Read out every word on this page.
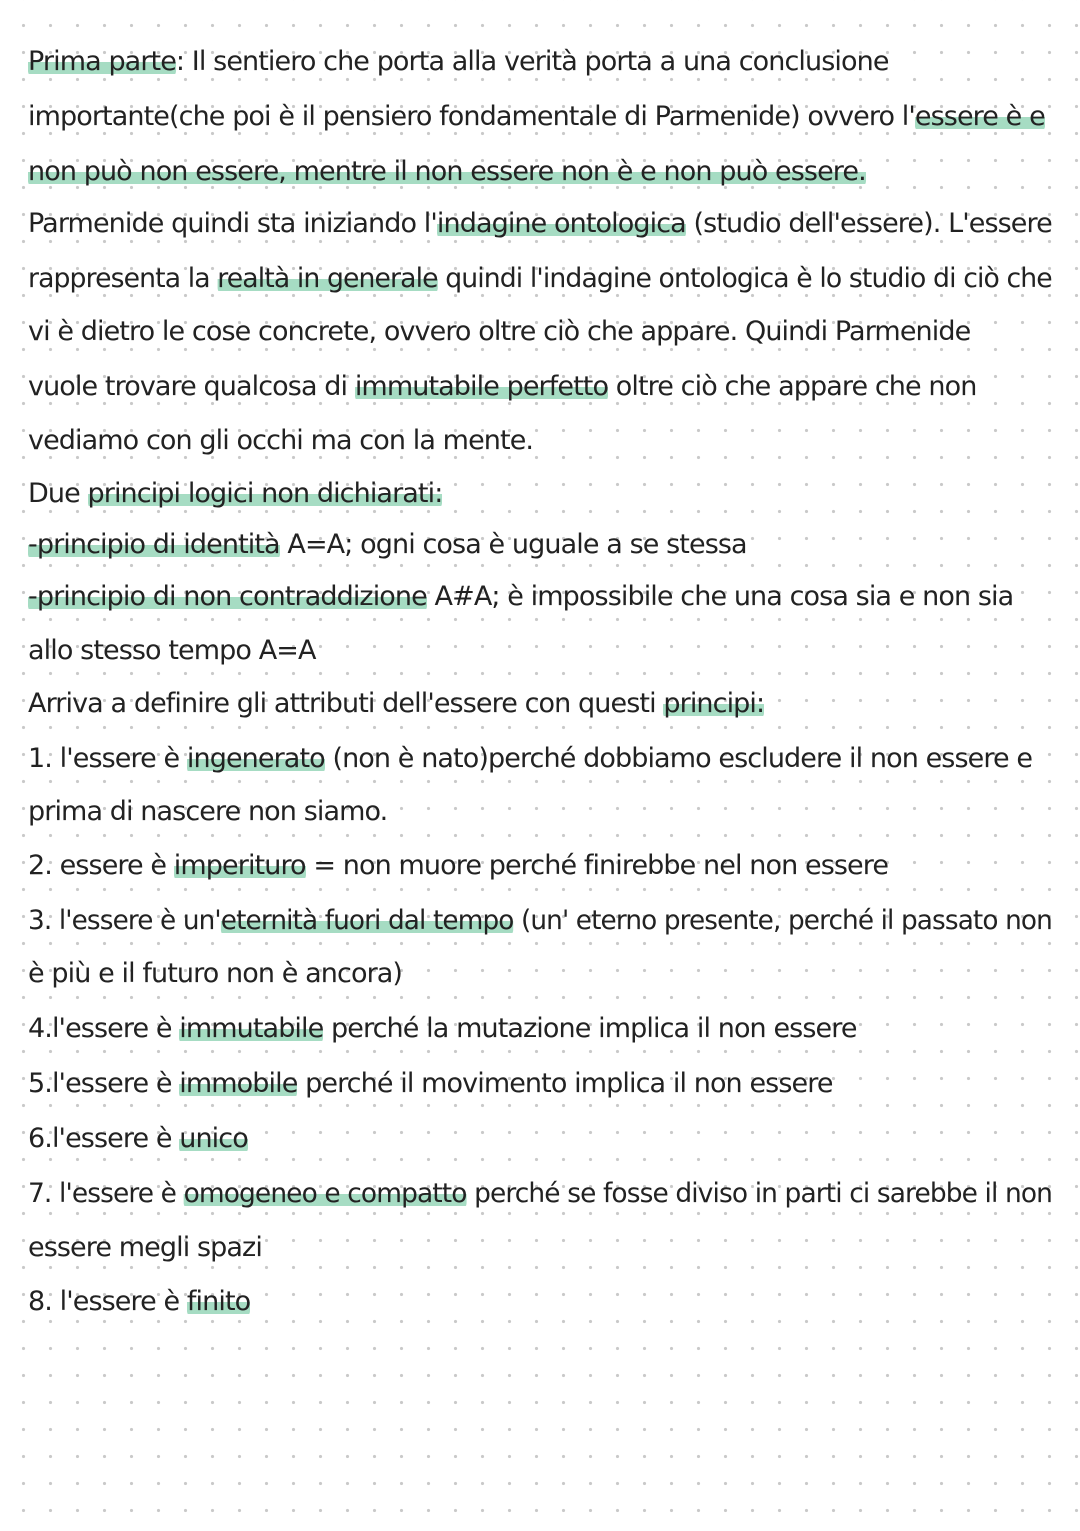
Prima parte: Il sentiero che porta alla verità porta a una conclusione
importante(che poi è il pensiero fondamentale di Parmenide) ovvero l'essere è e
non può non essere, mentre il non essere non è e non può essere.
Parmenide quindi sta iniziando l'indagine ontologica (studio dell'essere). L'essere
rappresenta la realtà in generale quindi l'indagine ontologica è lo studio di ciò che
vi è dietro le cose concrete, ovvero oltre ciò che appare. Quindi Parmenide
vuole trovare qualcosa di immutabile perfetto oltre ciò che appare che non
vediamo con gli occhi ma con la mente.
Due principi logici non dichiarati:
-principio di identità A=A; ogni cosa è uguale a se stessa
-principio di non contraddizione A#A; è impossibile che una cosa sia e non sia
allo stesso tempo A=A
Arriva a definire gli attributi dell'essere con questi principi:
1. l'essere è ingenerato (non è nato)perché dobbiamo escludere il non essere e
prima di nascere non siamo.
2. essere è imperituro = non muore perché finirebbe nel non essere
3. l'essere è un'eternità fuori dal tempo (un' eterno presente, perché il passato non
è più e il futuro non è ancora)
4.l'essere è immutabile perché la mutazione implica il non essere
5.l'essere è immobile perché il movimento implica il non essere
6.l'essere è unico
7. l'essere è omogeneo e compatto perché se fosse diviso in parti ci sarebbe il non
essere megli spazi
8. l'essere è finito
